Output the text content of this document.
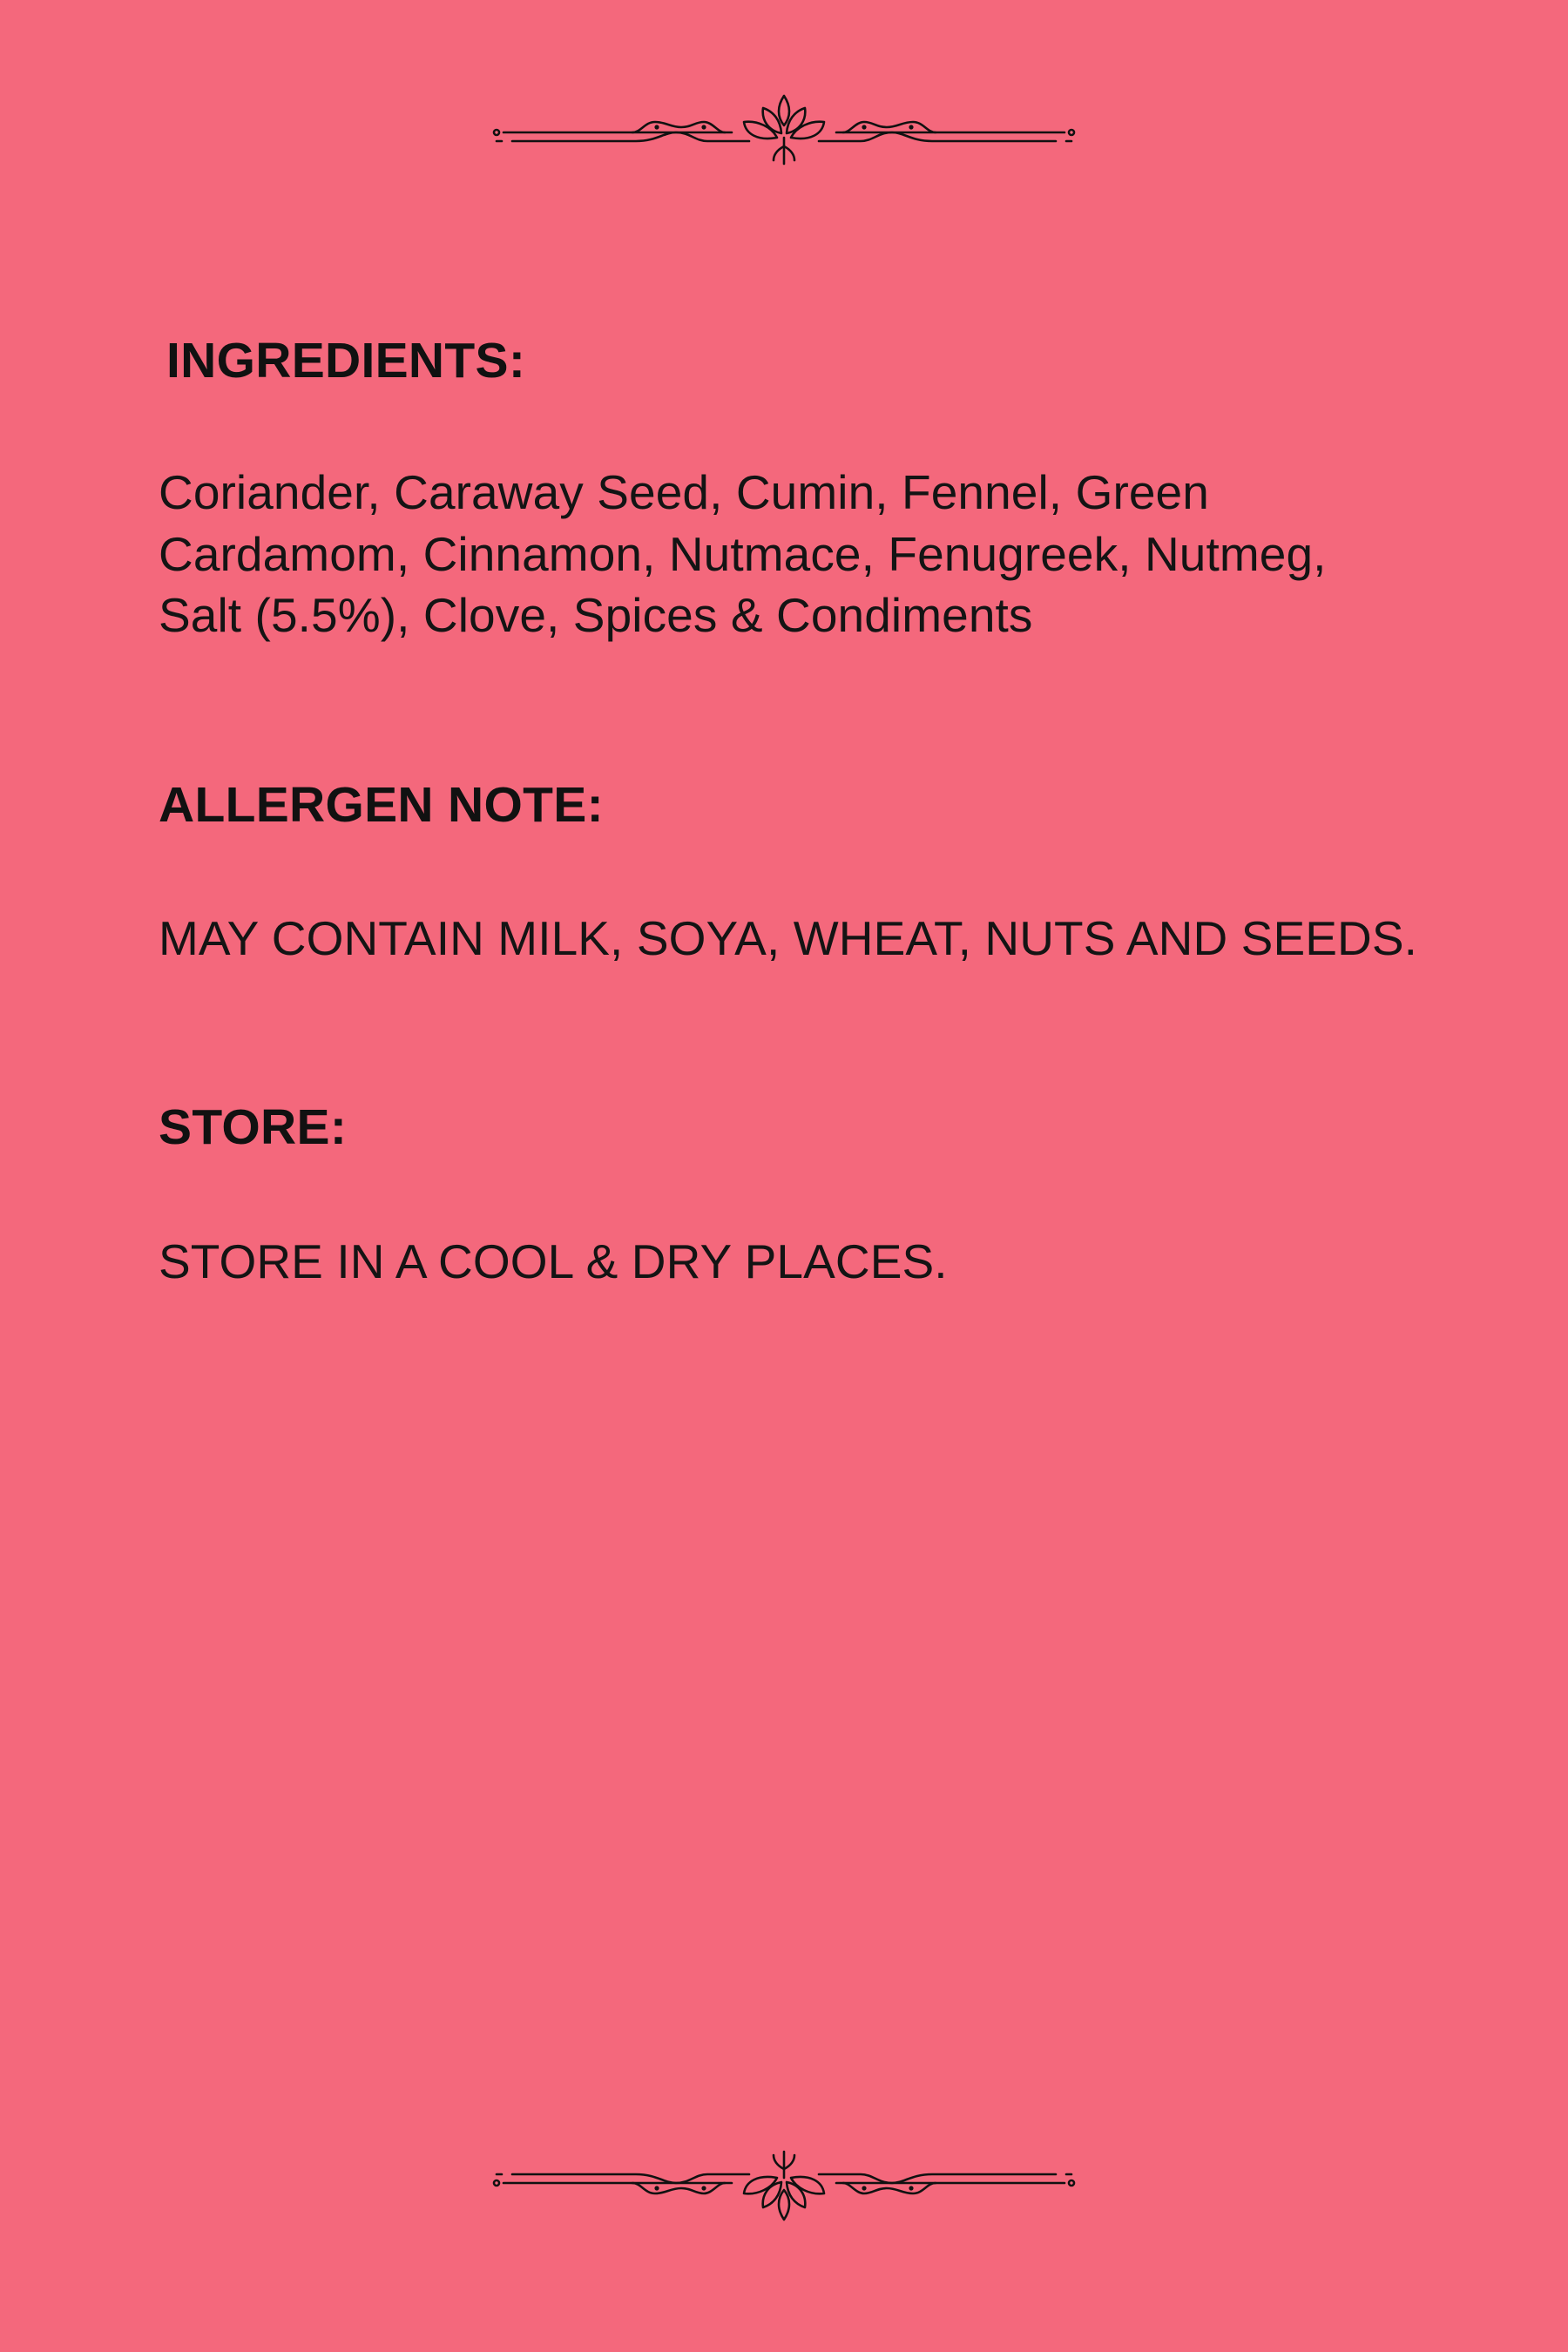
INGREDIENTS:

Coriander, Caraway Seed, Cumin, Fennel, Green Cardamom, Cinnamon, Nutmace, Fenugreek, Nutmeg, Salt (5.5%), Clove, Spices & Condiments

ALLERGEN NOTE:

MAY CONTAIN MILK, SOYA, WHEAT, NUTS AND SEEDS.

STORE:

STORE IN A COOL & DRY PLACES.
